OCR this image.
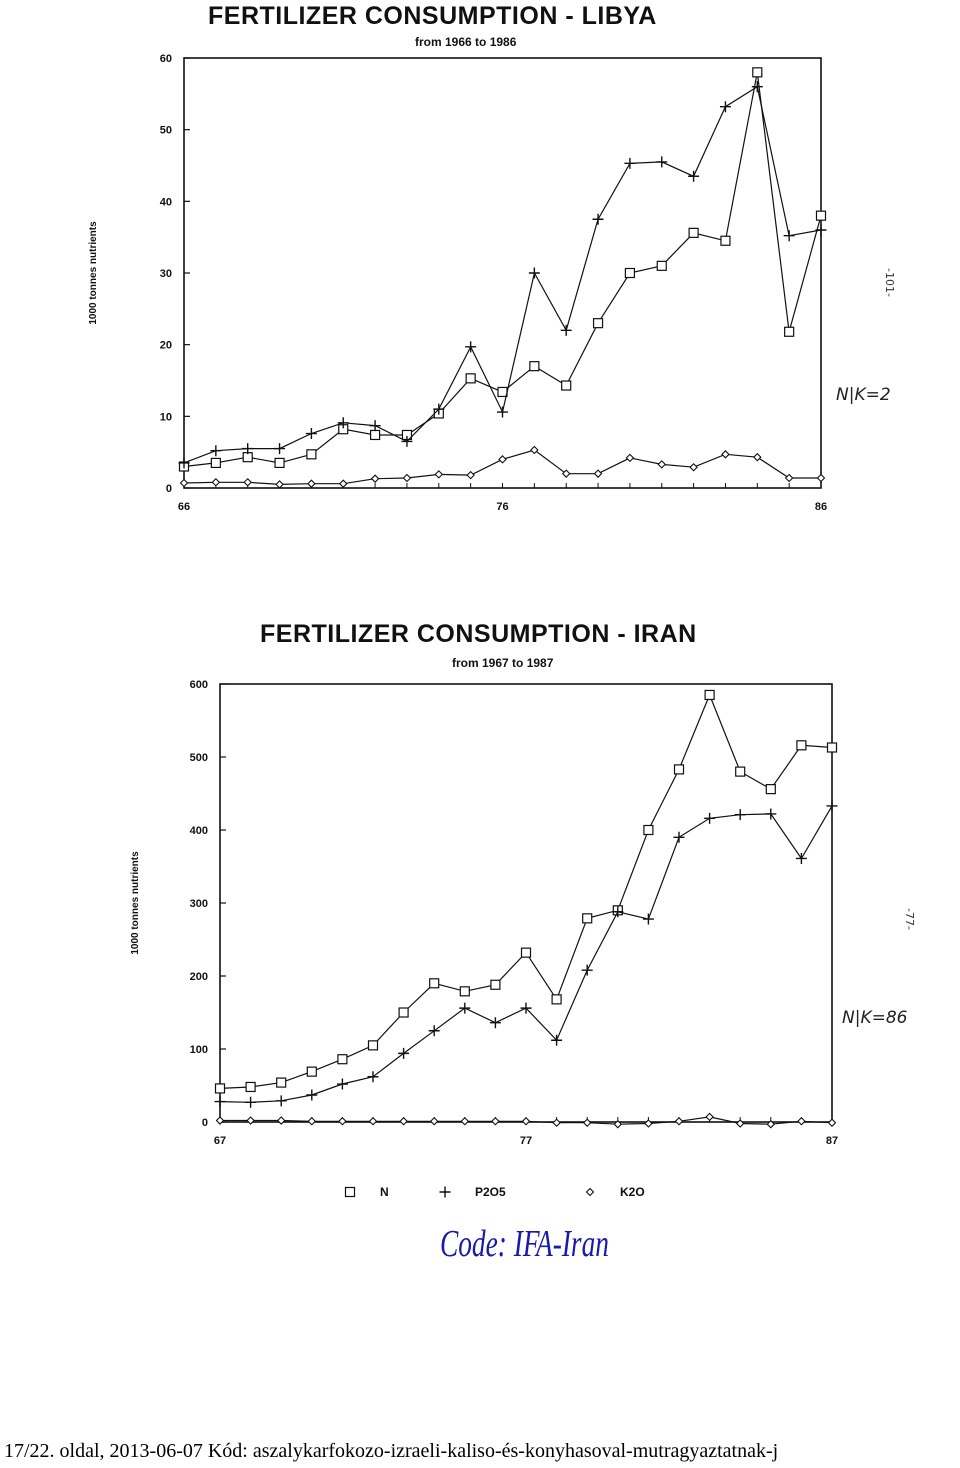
FERTILIZER CONSUMPTION - LIBYA
from 1966 to 1986
0
10
20
30
40
50
60
66	76	86
1000 tonnes nutrients
N|K=2
-101-
FERTILIZER CONSUMPTION - IRAN
from 1967 to 1987
0
100
200
300
400
500
600
67	77	87
1000 tonnes nutrients
N	P2O5	K2O
N|K=86
-77-
Code: IFA-Iran
17/22. oldal, 2013-06-07 Kód: aszalykarfokozo-izraeli-kaliso-és-konyhasoval-mutragyaztatnak-j
